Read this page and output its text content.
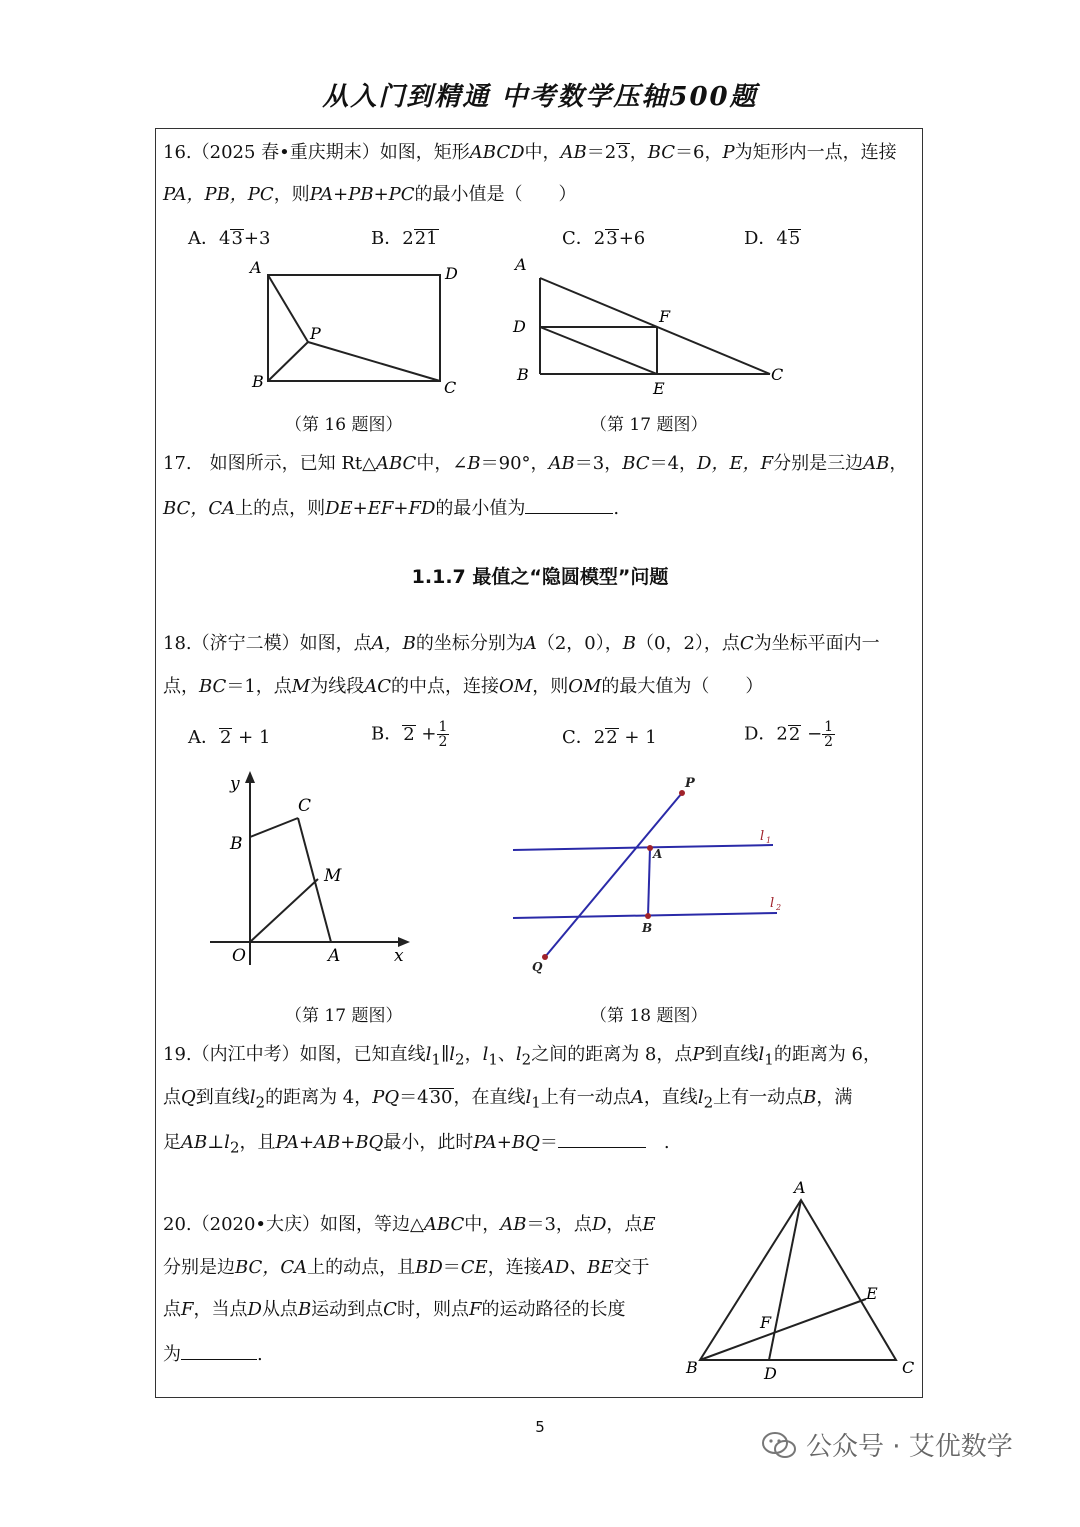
从入门到精通 中考数学压轴500题
16.（2025 春•重庆期末）如图，矩形ABCD中，AB＝23，BC＝6，P为矩形内一点，连接
PA，PB，PC，则PA+PB+PC的最小值是（　　）
A．43+3	B．221	C．23+6	D．45
A	D
P
B	C
A
F
D
B
E
C
（第 16 题图）	（第 17 题图）
17.　如图所示，已知 Rt△ABC中，∠B＝90°，AB＝3，BC＝4，D，E，F分别是三边AB，
BC，CA上的点，则DE+EF+FD的最小值为	.
1.1.7 最值之“隐圆模型”问题
18.（济宁二模）如图，点A，B的坐标分别为A（2，0），B（0，2），点C为坐标平面内一
点，BC＝1，点M为线段AC的中点，连接OM，则OM的最大值为（　　）
A．2 + 1	B．$2 + \frac{1}{2}$	C．22 + 1	D．$22 - \frac{1}{2}$
y
C
B
M
O	A	x
P
l 1
A
l 2
B
Q
（第 17 题图）	（第 18 题图）
19.（内江中考）如图，已知直线$l_1\parallel l_2$，$l_1$、$l_2$之间的距离为 8，点P到直线$l_1$的距离为 6，
点Q到直线$l_2$的距离为 4，PQ＝430，在直线$l_1$上有一动点A，直线$l_2$上有一动点B，满
足$AB\perp l_2$，且PA+AB+BQ最小，此时PA+BQ＝　	.
20.（2020•大庆）如图，等边△ABC中，AB＝3，点D，点E
分别是边BC，CA上的动点，且BD＝CE，连接AD、BE交于
点F，当点D从点B运动到点C时，则点F的运动路径的长度
为	.
A
E
F
B	D	C
5
公众号 · 艾优数学
